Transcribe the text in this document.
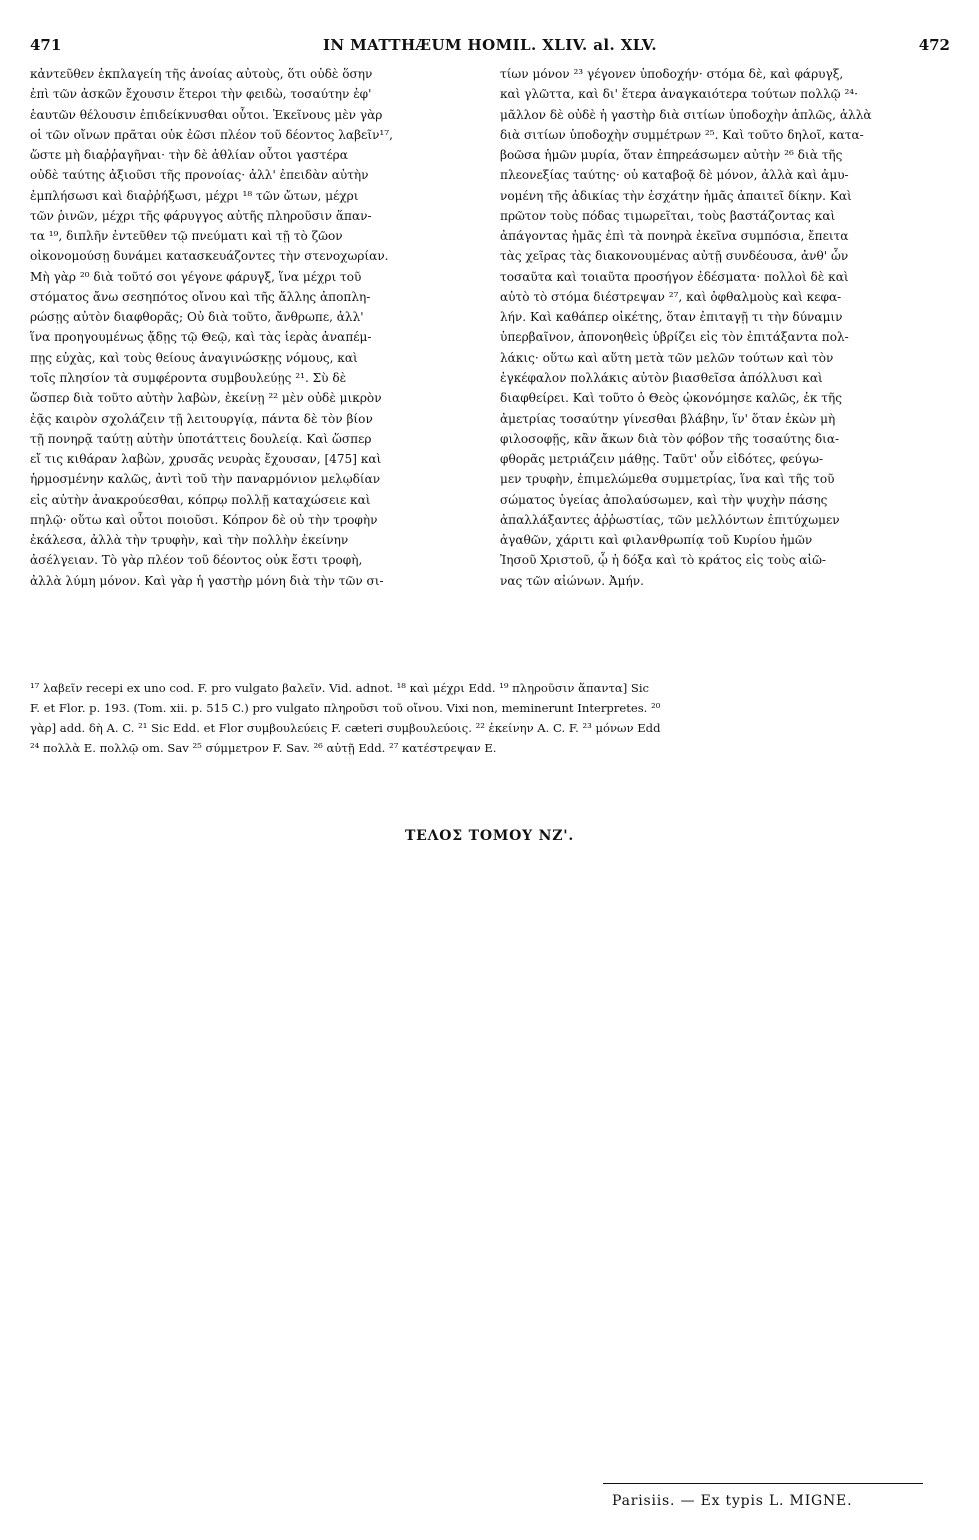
471	IN MATTHÆUM HOMIL. XLIV. al. XLV.	472
κἀντεῦθεν ἐκπλαγείη τῆς ἀνοίας αὐτοὺς, ὅτι οὐδὲ ὅσην
ἐπὶ τῶν ἀσκῶν ἔχουσιν ἕτεροι τὴν φειδὼ, τοσαύτην ἐφ'
ἑαυτῶν θέλουσιν ἐπιδείκνυσθαι οὗτοι. Ἐκεῖνους μὲν γὰρ
οἱ τῶν οἴνων πρᾶται οὐκ ἐῶσι πλέον τοῦ δέοντος λαβεῖν¹⁷,
ὥστε μὴ διαῤῥαγῆναι· τὴν δὲ ἀθλίαν οὗτοι γαστέρα
οὐδὲ ταύτης ἀξιοῦσι τῆς προνοίας· ἀλλ' ἐπειδὰν αὐτὴν
ἐμπλήσωσι καὶ διαῤῥήξωσι, μέχρι ¹⁸ τῶν ὤτων, μέχρι
τῶν ῥινῶν, μέχρι τῆς φάρυγγος αὐτῆς πληροῦσιν ἅπαν-
τα ¹⁹, διπλῆν ἐντεῦθεν τῷ πνεύματι καὶ τῇ τὸ ζῶον
οἰκονομούσῃ δυνάμει κατασκευάζοντες τὴν στενοχωρίαν.
Μὴ γὰρ ²⁰ διὰ τοῦτό σοι γέγονε φάρυγξ, ἵνα μέχρι τοῦ
στόματος ἄνω σεσηπότος οἴνου καὶ τῆς ἄλλης ἀποπλη-
ρώσῃς αὐτὸν διαφθορᾶς; Οὐ διὰ τοῦτο, ἄνθρωπε, ἀλλ'
ἵνα προηγουμένως ᾄδῃς τῷ Θεῷ, καὶ τὰς ἱερὰς ἀναπέμ-
πῃς εὐχὰς, καὶ τοὺς θείους ἀναγινώσκῃς νόμους, καὶ
τοῖς πλησίον τὰ συμφέροντα συμβουλεύῃς ²¹. Σὺ δὲ
ὥσπερ διὰ τοῦτο αὐτὴν λαβὼν, ἐκείνῃ ²² μὲν οὐδὲ μικρὸν
ἐᾷς καιρὸν σχολάζειν τῇ λειτουργίᾳ, πάντα δὲ τὸν βίον
τῇ πονηρᾷ ταύτῃ αὐτὴν ὑποτάττεις δουλείᾳ. Καὶ ὥσπερ
εἴ τις κιθάραν λαβὼν, χρυσᾶς νευρὰς ἔχουσαν, [475] καὶ
ἡρμοσμένην καλῶς, ἀντὶ τοῦ τὴν παναρμόνιον μελῳδίαν
εἰς αὐτὴν ἀνακρούεσθαι, κόπρῳ πολλῇ καταχώσειε καὶ
πηλῷ· οὕτω καὶ οὗτοι ποιοῦσι. Κόπρον δὲ οὐ τὴν τροφὴν
ἐκάλεσα, ἀλλὰ τὴν τρυφὴν, καὶ τὴν πολλὴν ἐκείνην
ἀσέλγειαν. Τὸ γὰρ πλέον τοῦ δέοντος οὐκ ἔστι τροφὴ,
ἀλλὰ λύμη μόνον. Καὶ γὰρ ἡ γαστὴρ μόνη διὰ τὴν τῶν σι-
τίων μόνον ²³ γέγονεν ὑποδοχήν· στόμα δὲ, καὶ φάρυγξ,
καὶ γλῶττα, καὶ δι' ἕτερα ἀναγκαιότερα τούτων πολλῷ ²⁴·
μᾶλλον δὲ οὐδὲ ἡ γαστὴρ διὰ σιτίων ὑποδοχὴν ἁπλῶς, ἀλλὰ
διὰ σιτίων ὑποδοχὴν συμμέτρων ²⁵. Καὶ τοῦτο δηλοῖ, κατα-
βοῶσα ἡμῶν μυρία, ὅταν ἐπηρεάσωμεν αὐτὴν ²⁶ διὰ τῆς
πλεονεξίας ταύτης· οὐ καταβοᾷ δὲ μόνον, ἀλλὰ καὶ ἀμυ-
νομένη τῆς ἀδικίας τὴν ἐσχάτην ἡμᾶς ἀπαιτεῖ δίκην. Καὶ
πρῶτον τοὺς πόδας τιμωρεῖται, τοὺς βαστάζοντας καὶ
ἀπάγοντας ἡμᾶς ἐπὶ τὰ πονηρὰ ἐκεῖνα συμπόσια, ἔπειτα
τὰς χεῖρας τὰς διακονουμένας αὐτῇ συνδέουσα, ἀνθ' ὧν
τοσαῦτα καὶ τοιαῦτα προσήγον ἐδέσματα· πολλοὶ δὲ καὶ
αὐτὸ τὸ στόμα διέστρεψαν ²⁷, καὶ ὀφθαλμοὺς καὶ κεφα-
λήν. Καὶ καθάπερ οἰκέτης, ὅταν ἐπιταγῇ τι τὴν δύναμιν
ὑπερβαῖνον, ἀπονοηθεὶς ὑβρίζει εἰς τὸν ἐπιτάξαντα πολ-
λάκις· οὕτω καὶ αὕτη μετὰ τῶν μελῶν τούτων καὶ τὸν
ἐγκέφαλον πολλάκις αὐτὸν βιασθεῖσα ἀπόλλυσι καὶ
διαφθείρει. Καὶ τοῦτο ὁ Θεὸς ᾠκονόμησε καλῶς, ἐκ τῆς
ἀμετρίας τοσαύτην γίνεσθαι βλάβην, ἵν' ὅταν ἑκὼν μὴ
φιλοσοφῇς, κἂν ἄκων διὰ τὸν φόβον τῆς τοσαύτης δια-
φθορᾶς μετριάζειν μάθῃς. Ταῦτ' οὖν εἰδότες, φεύγω-
μεν τρυφὴν, ἐπιμελώμεθα συμμετρίας, ἵνα καὶ τῆς τοῦ
σώματος ὑγείας ἀπολαύσωμεν, καὶ τὴν ψυχὴν πάσης
ἀπαλλάξαντες ἀῤῥωστίας, τῶν μελλόντων ἐπιτύχωμεν
ἀγαθῶν, χάριτι καὶ φιλανθρωπίᾳ τοῦ Κυρίου ἡμῶν
Ἰησοῦ Χριστοῦ, ᾧ ἡ δόξα καὶ τὸ κράτος εἰς τοὺς αἰῶ-
νας τῶν αἰώνων. Ἀμήν.
¹⁷ λαβεῖν recepi ex uno cod. F. pro vulgato βαλεῖν. Vid. adnot. ¹⁸ καὶ μέχρι Edd. ¹⁹ πληροῦσιν ἅπαντα] Sic
F. et Flor. p. 193. (Tom. xii. p. 515 C.) pro vulgato πληροῦσι τοῦ οἴνου. Vixi non, meminerunt Interpretes. ²⁰
γὰρ] add. δὴ A. C. ²¹ Sic Edd. et Flor συμβουλεύεις F. cæteri συμβουλεύοις. ²² ἐκείνην A. C. F. ²³ μόνων Edd
²⁴ πολλὰ E. πολλῷ om. Sav ²⁵ σύμμετρον F. Sav. ²⁶ αὐτῇ Edd. ²⁷ κατέστρεψαν E.
ΤΕΛΟΣ ΤΟΜΟΥ ΝΖ'.
Parisiis. — Ex typis L. MIGNE.
